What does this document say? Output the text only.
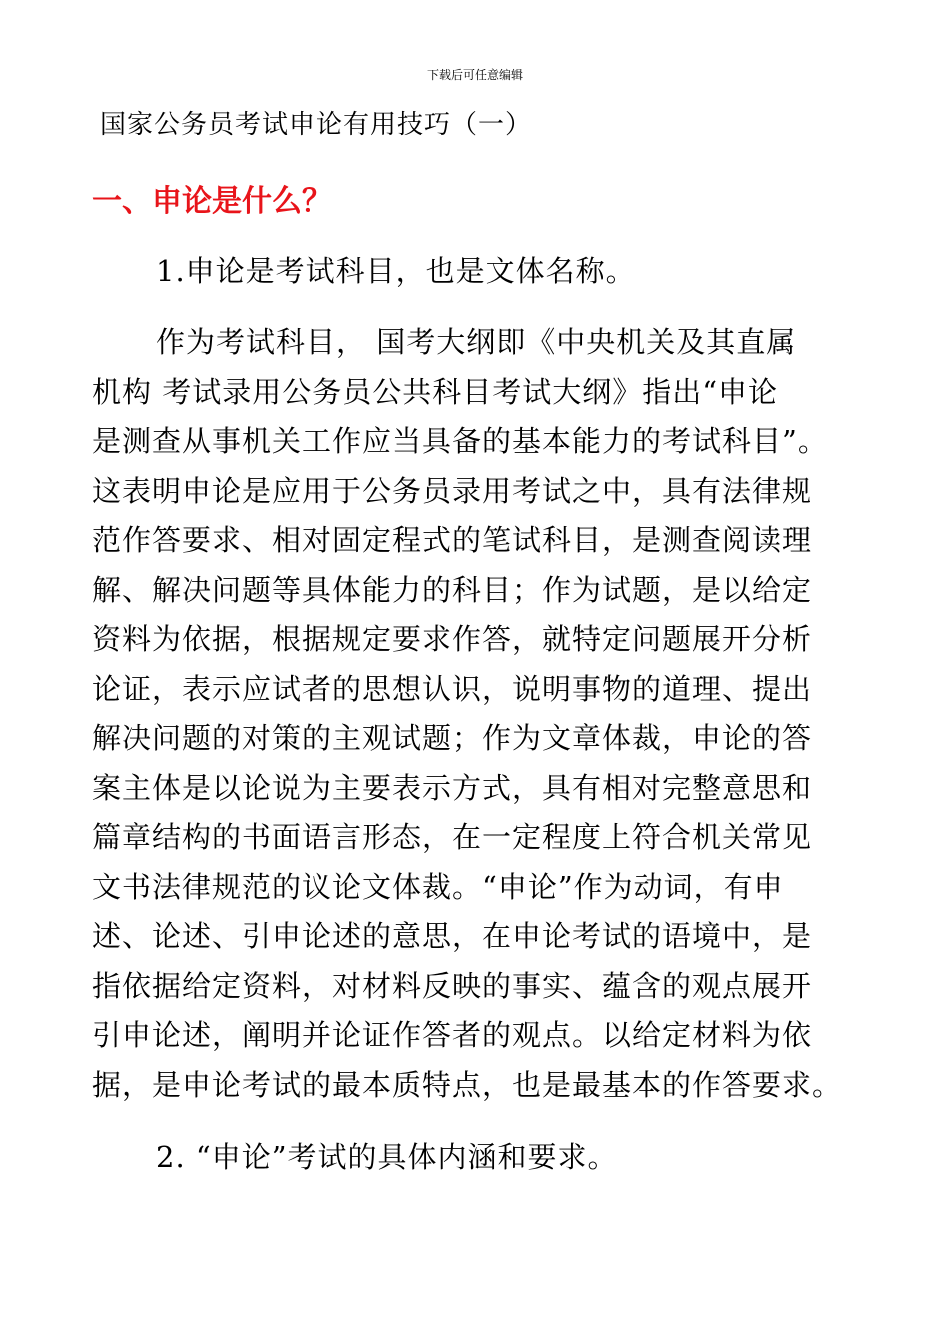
下载后可任意编辑
国家公务员考试申论有用技巧（一）
一、申论是什么？
1.申论是考试科目，也是文体名称。
作为考试科目， 国考大纲即《中央机关及其直属
机构 考试录用公务员公共科目考试大纲》指出“申论
是测查从事机关工作应当具备的基本能力的考试科目”。
这表明申论是应用于公务员录用考试之中，具有法律规
范作答要求、相对固定程式的笔试科目，是测查阅读理
解、解决问题等具体能力的科目；作为试题，是以给定
资料为依据，根据规定要求作答，就特定问题展开分析
论证，表示应试者的思想认识，说明事物的道理、提出
解决问题的对策的主观试题；作为文章体裁，申论的答
案主体是以论说为主要表示方式，具有相对完整意思和
篇章结构的书面语言形态，在一定程度上符合机关常见
文书法律规范的议论文体裁。“申论”作为动词，有申
述、论述、引申论述的意思，在申论考试的语境中，是
指依据给定资料，对材料反映的事实、蕴含的观点展开
引申论述，阐明并论证作答者的观点。以给定材料为依
据，是申论考试的最本质特点，也是最基本的作答要求。
2. “申论”考试的具体内涵和要求。
